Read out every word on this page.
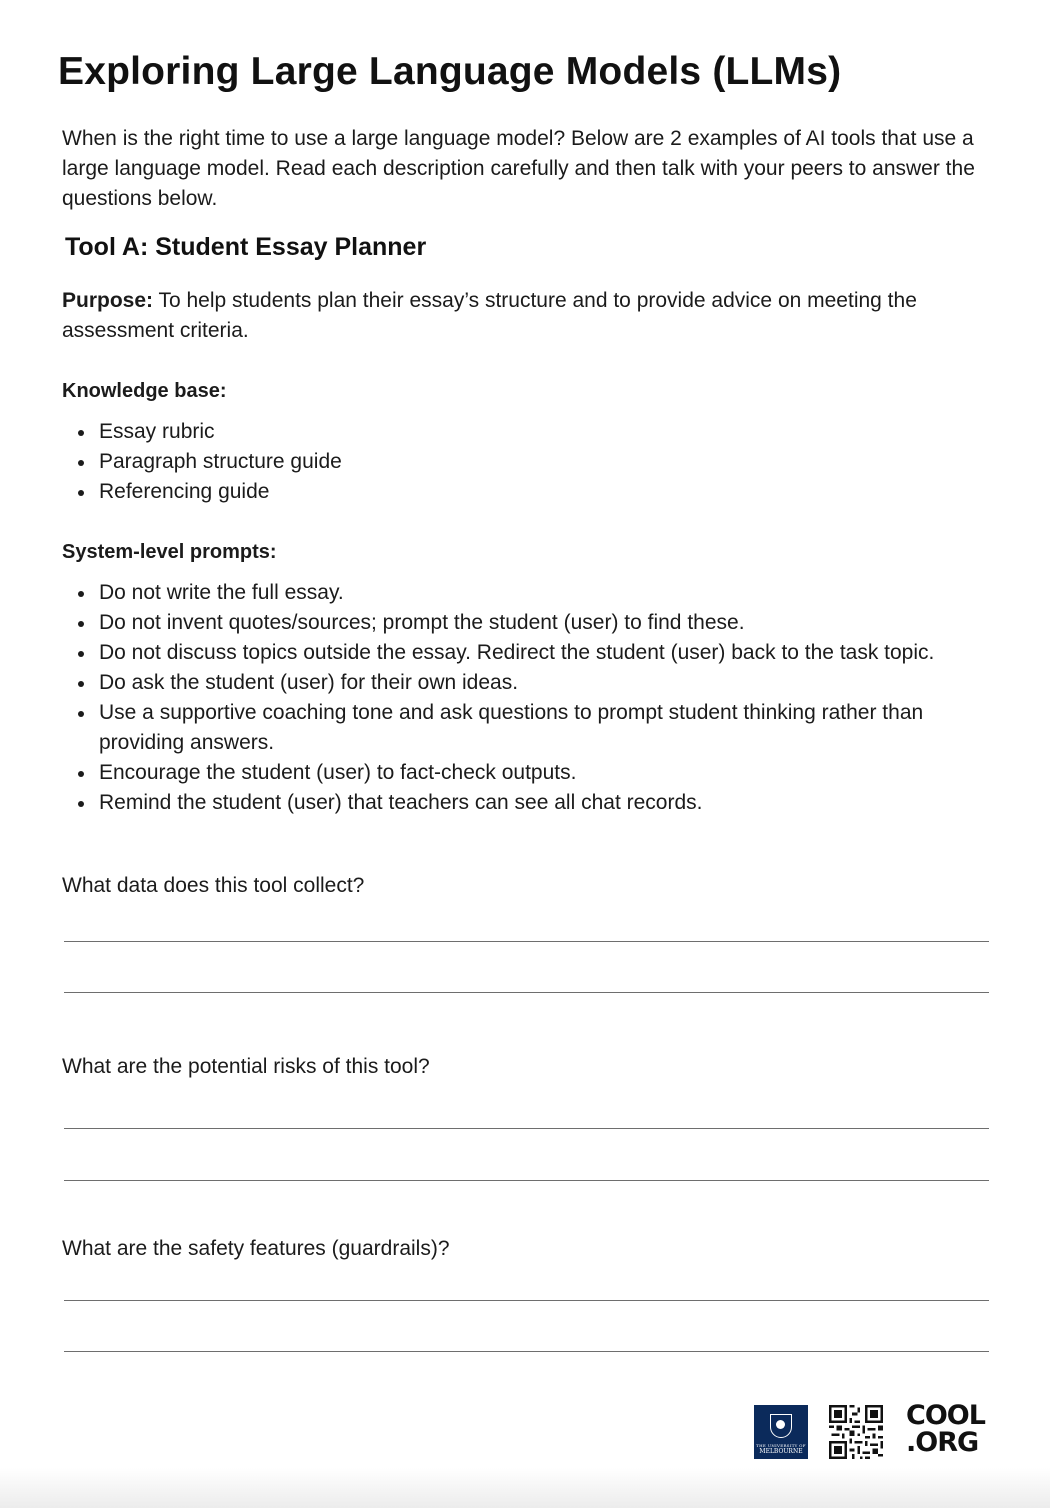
Exploring Large Language Models (LLMs)

When is the right time to use a large language model? Below are 2 examples of AI tools that use a large language model. Read each description carefully and then talk with your peers to answer the questions below.

Tool A: Student Essay Planner

Purpose: To help students plan their essay’s structure and to provide advice on meeting the assessment criteria.

Knowledge base:
Essay rubric
Paragraph structure guide
Referencing guide
System-level prompts:
Do not write the full essay.
Do not invent quotes/sources; prompt the student (user) to find these.
Do not discuss topics outside the essay. Redirect the student (user) back to the task topic.
Do ask the student (user) for their own ideas.
Use a supportive coaching tone and ask questions to prompt student thinking rather than providing answers.
Encourage the student (user) to fact-check outputs.
Remind the student (user) that teachers can see all chat records.
What data does this tool collect?
What are the potential risks of this tool?
What are the safety features (guardrails)?
THE UNIVERSITY OF
MELBOURNE
COOL
.ORG
